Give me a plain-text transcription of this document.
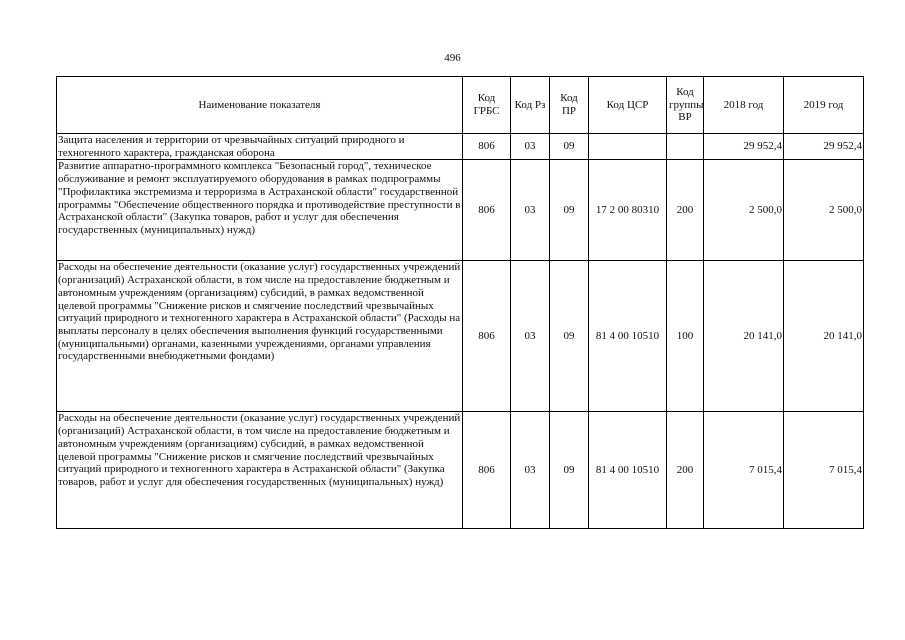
496
Наименование показателя	Код ГРБС	Код Рз	Код ПР	Код ЦСР	Код группы ВР	2018 год	2019 год
Защита населения и территории от чрезвычайных ситуаций природного и техногенного характера, гражданская оборона	806	03	09			29 952,4	29 952,4
Развитие аппаратно-программного комплекса "Безопасный город", техническое обслуживание и ремонт эксплуатируемого оборудования в рамках подпрограммы "Профилактика экстремизма и терроризма в Астраханской области" государственной программы "Обеспечение общественного порядка и противодействие преступности в Астраханской области" (Закупка товаров, работ и услуг для обеспечения государственных (муниципальных) нужд)	806	03	09	17 2 00 80310	200	2 500,0	2 500,0
Расходы на обеспечение деятельности (оказание услуг) государственных учреждений (организаций) Астраханской области, в том числе на предоставление бюджетным и автономным учреждениям (организациям) субсидий, в рамках ведомственной целевой программы "Снижение рисков и смягчение последствий чрезвычайных ситуаций природного и техногенного характера в Астраханской области" (Расходы на выплаты персоналу в целях обеспечения выполнения функций государственными (муниципальными) органами, казенными учреждениями, органами управления государственными внебюджетными фондами)	806	03	09	81 4 00 10510	100	20 141,0	20 141,0
Расходы на обеспечение деятельности (оказание услуг) государственных учреждений (организаций) Астраханской области, в том числе на предоставление бюджетным и автономным учреждениям (организациям) субсидий, в рамках ведомственной целевой программы "Снижение рисков и смягчение последствий чрезвычайных ситуаций природного и техногенного характера в Астраханской области" (Закупка товаров, работ и услуг для обеспечения государственных (муниципальных) нужд)	806	03	09	81 4 00 10510	200	7 015,4	7 015,4
